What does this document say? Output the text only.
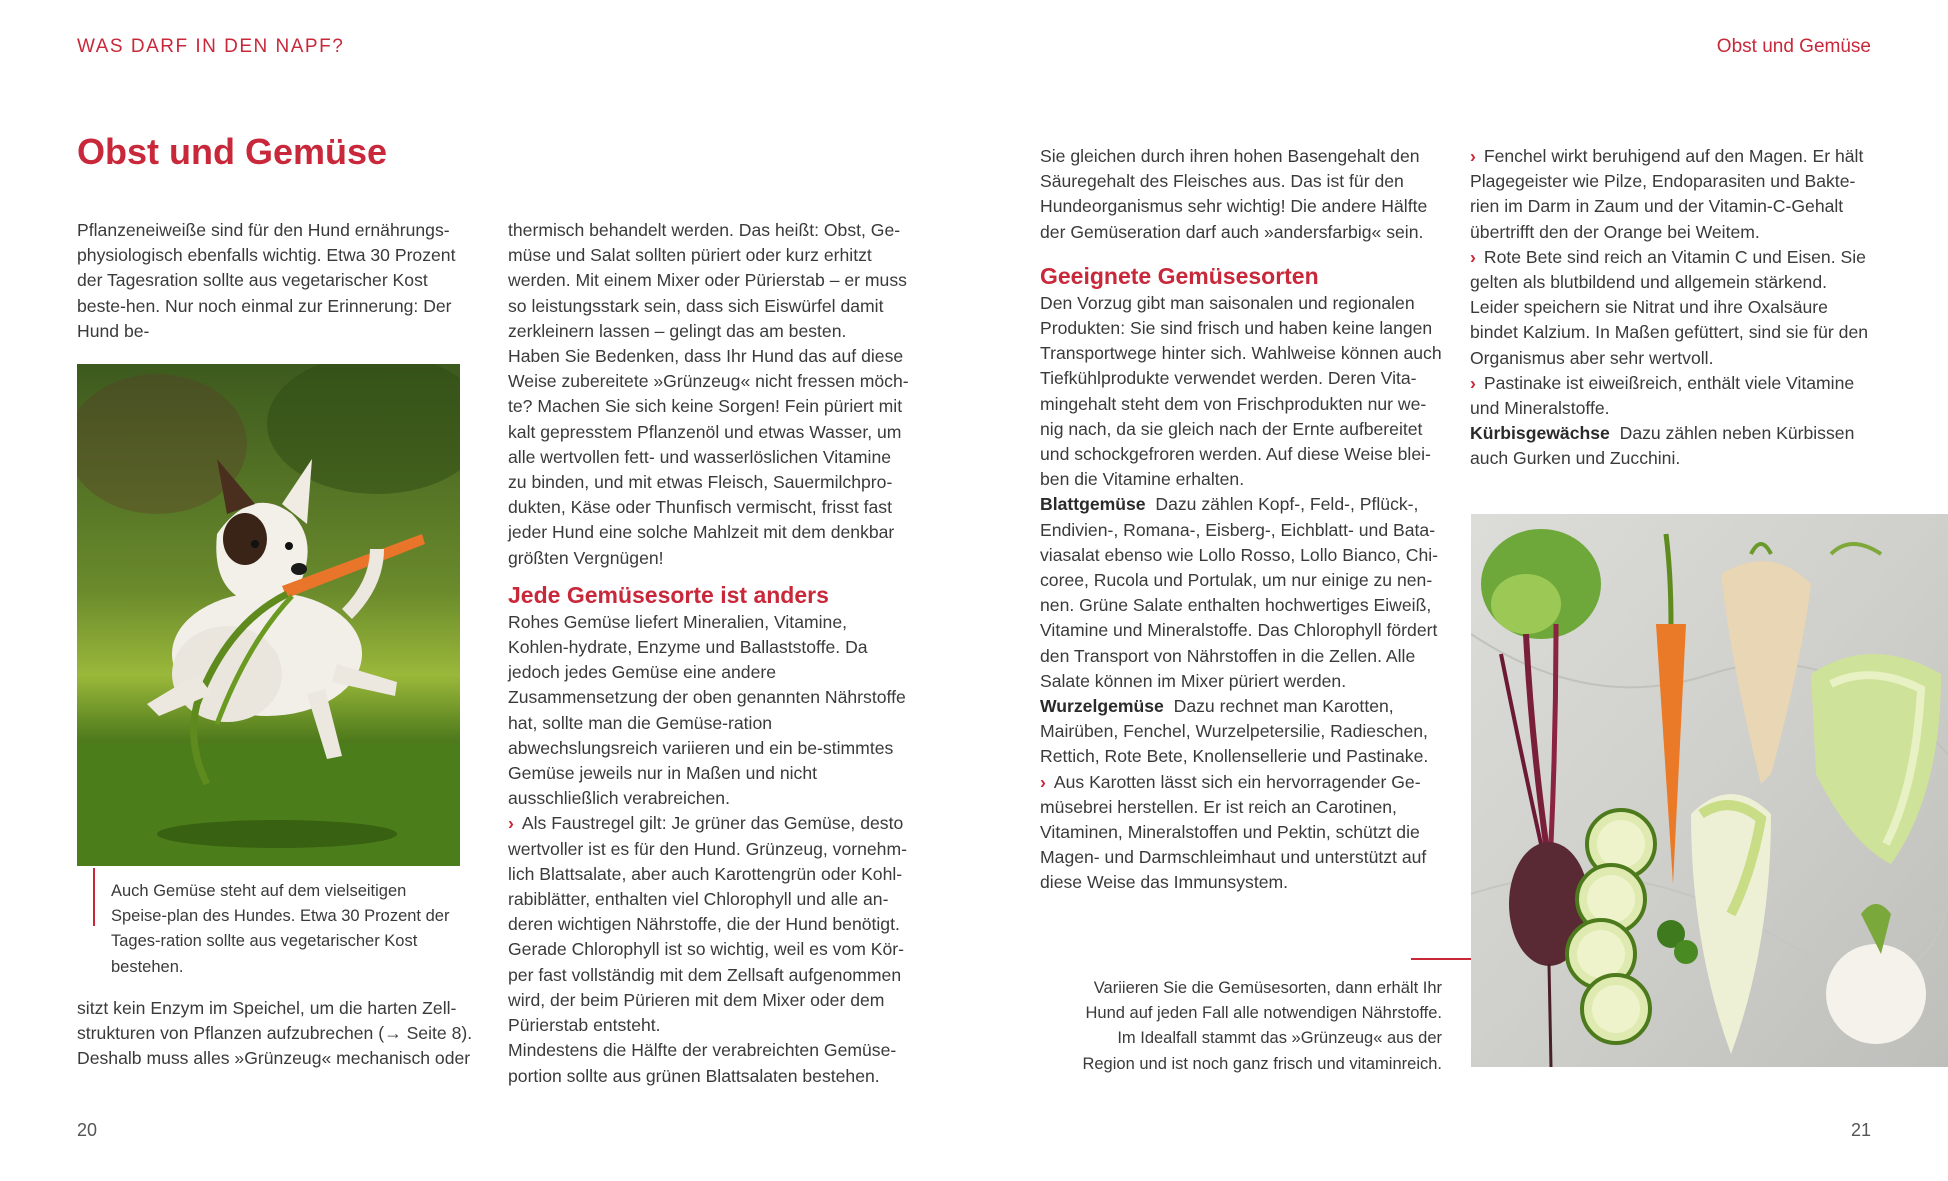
WAS DARF IN DEN NAPF?	Obst und Gemüse
Obst und Gemüse

Pflanzeneiweiße sind für den Hund ernährungs-physiologisch ebenfalls wichtig. Etwa 30 Prozent der Tagesration sollte aus vegetarischer Kost beste-hen. Nur noch einmal zur Erinnerung: Der Hund be-

Auch Gemüse steht auf dem vielseitigen Speise-plan des Hundes. Etwa 30 Prozent der Tages-ration sollte aus vegetarischer Kost bestehen.

sitzt kein Enzym im Speichel, um die harten Zell-strukturen von Pflanzen aufzubrechen (→ Seite 8). Deshalb muss alles »Grünzeug« mechanisch oder

thermisch behandelt werden. Das heißt: Obst, Ge-müse und Salat sollten püriert oder kurz erhitzt werden. Mit einem Mixer oder Pürierstab – er muss so leistungsstark sein, dass sich Eiswürfel damit zerkleinern lassen – gelingt das am besten.

Haben Sie Bedenken, dass Ihr Hund das auf diese Weise zubereitete »Grünzeug« nicht fressen möch-te? Machen Sie sich keine Sorgen! Fein püriert mit kalt gepresstem Pflanzenöl und etwas Wasser, um alle wertvollen fett- und wasserlöslichen Vitamine zu binden, und mit etwas Fleisch, Sauermilchpro-dukten, Käse oder Thunfisch vermischt, frisst fast jeder Hund eine solche Mahlzeit mit dem denkbar größten Vergnügen!

Jede Gemüsesorte ist anders

Rohes Gemüse liefert Mineralien, Vitamine, Kohlen-hydrate, Enzyme und Ballaststoffe. Da jedoch jedes Gemüse eine andere Zusammensetzung der oben genannten Nährstoffe hat, sollte man die Gemüse-ration abwechslungsreich variieren und ein be-stimmtes Gemüse jeweils nur in Maßen und nicht ausschließlich verabreichen.

› Als Faustregel gilt: Je grüner das Gemüse, desto wertvoller ist es für den Hund. Grünzeug, vornehm-lich Blattsalate, aber auch Karottengrün oder Kohl-rabiblätter, enthalten viel Chlorophyll und alle an-deren wichtigen Nährstoffe, die der Hund benötigt. Gerade Chlorophyll ist so wichtig, weil es vom Kör-per fast vollständig mit dem Zellsaft aufgenommen wird, der beim Pürieren mit dem Mixer oder dem Pürierstab entsteht.

Mindestens die Hälfte der verabreichten Gemüse-portion sollte aus grünen Blattsalaten bestehen.

Sie gleichen durch ihren hohen Basengehalt den Säuregehalt des Fleisches aus. Das ist für den Hundeorganismus sehr wichtig! Die andere Hälfte der Gemüseration darf auch »andersfarbig« sein.

Geeignete Gemüsesorten

Den Vorzug gibt man saisonalen und regionalen Produkten: Sie sind frisch und haben keine langen Transportwege hinter sich. Wahlweise können auch Tiefkühlprodukte verwendet werden. Deren Vita-mingehalt steht dem von Frischprodukten nur we-nig nach, da sie gleich nach der Ernte aufbereitet und schockgefroren werden. Auf diese Weise blei-ben die Vitamine erhalten.

Blattgemüse Dazu zählen Kopf-, Feld-, Pflück-, Endivien-, Romana-, Eisberg-, Eichblatt- und Bata-viasalat ebenso wie Lollo Rosso, Lollo Bianco, Chi-coree, Rucola und Portulak, um nur einige zu nen-nen. Grüne Salate enthalten hochwertiges Eiweiß, Vitamine und Mineralstoffe. Das Chlorophyll fördert den Transport von Nährstoffen in die Zellen. Alle Salate können im Mixer püriert werden.

Wurzelgemüse Dazu rechnet man Karotten, Mairüben, Fenchel, Wurzelpetersilie, Radieschen, Rettich, Rote Bete, Knollensellerie und Pastinake.

› Aus Karotten lässt sich ein hervorragender Ge-müsebrei herstellen. Er ist reich an Carotinen, Vitaminen, Mineralstoffen und Pektin, schützt die Magen- und Darmschleimhaut und unterstützt auf diese Weise das Immunsystem.

Variieren Sie die Gemüsesorten, dann erhält Ihr Hund auf jeden Fall alle notwendigen Nährstoffe. Im Idealfall stammt das »Grünzeug« aus der Region und ist noch ganz frisch und vitaminreich.

› Fenchel wirkt beruhigend auf den Magen. Er hält Plagegeister wie Pilze, Endoparasiten und Bakte-rien im Darm in Zaum und der Vitamin-C-Gehalt übertrifft den der Orange bei Weitem.

› Rote Bete sind reich an Vitamin C und Eisen. Sie gelten als blutbildend und allgemein stärkend. Leider speichern sie Nitrat und ihre Oxalsäure bindet Kalzium. In Maßen gefüttert, sind sie für den Organismus aber sehr wertvoll.

› Pastinake ist eiweißreich, enthält viele Vitamine und Mineralstoffe.

Kürbisgewächse Dazu zählen neben Kürbissen auch Gurken und Zucchini.

20	21
